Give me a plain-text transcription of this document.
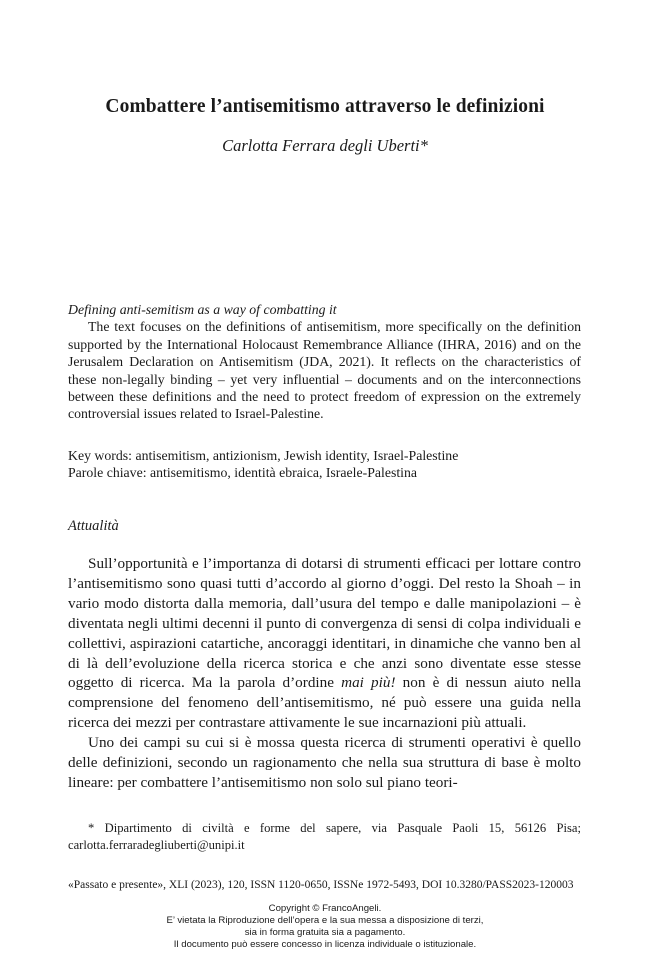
Combattere l’antisemitismo attraverso le definizioni
Carlotta Ferrara degli Uberti*
Defining anti-semitism as a way of combatting it

The text focuses on the definitions of antisemitism, more specifically on the definition supported by the International Holocaust Remembrance Alliance (IHRA, 2016) and on the Jerusalem Declaration on Antisemitism (JDA, 2021). It reflects on the characteristics of these non-legally binding – yet very influential – documents and on the interconnections between these definitions and the need to protect freedom of expression on the extremely controversial issues related to Israel-Palestine.

Key words: antisemitism, antizionism, Jewish identity, Israel-Palestine
Parole chiave: antisemitismo, identità ebraica, Israele-Palestina
Attualità

Sull’opportunità e l’importanza di dotarsi di strumenti efficaci per lottare contro l’antisemitismo sono quasi tutti d’accordo al giorno d’oggi. Del resto la Shoah – in vario modo distorta dalla memoria, dall’usura del tempo e dalle manipolazioni – è diventata negli ultimi decenni il punto di convergenza di sensi di colpa individuali e collettivi, aspirazioni catartiche, ancoraggi identitari, in dinamiche che vanno ben al di là dell’evoluzione della ricerca storica e che anzi sono diventate esse stesse oggetto di ricerca. Ma la parola d’ordine mai più! non è di nessun aiuto nella comprensione del fenomeno dell’antisemitismo, né può essere una guida nella ricerca dei mezzi per contrastare attivamente le sue incarnazioni più attuali.

Uno dei campi su cui si è mossa questa ricerca di strumenti operativi è quello delle definizioni, secondo un ragionamento che nella sua struttura di base è molto lineare: per combattere l’antisemitismo non solo sul piano teori-

* Dipartimento di civiltà e forme del sapere, via Pasquale Paoli 15, 56126 Pisa; carlotta.ferraradegliuberti@unipi.it
«Passato e presente», XLI (2023), 120, ISSN 1120-0650, ISSNe 1972-5493, DOI 10.3280/PASS2023-120003
Copyright © FrancoAngeli.
E’ vietata la Riproduzione dell’opera e la sua messa a disposizione di terzi,
sia in forma gratuita sia a pagamento.
Il documento può essere concesso in licenza individuale o istituzionale.
